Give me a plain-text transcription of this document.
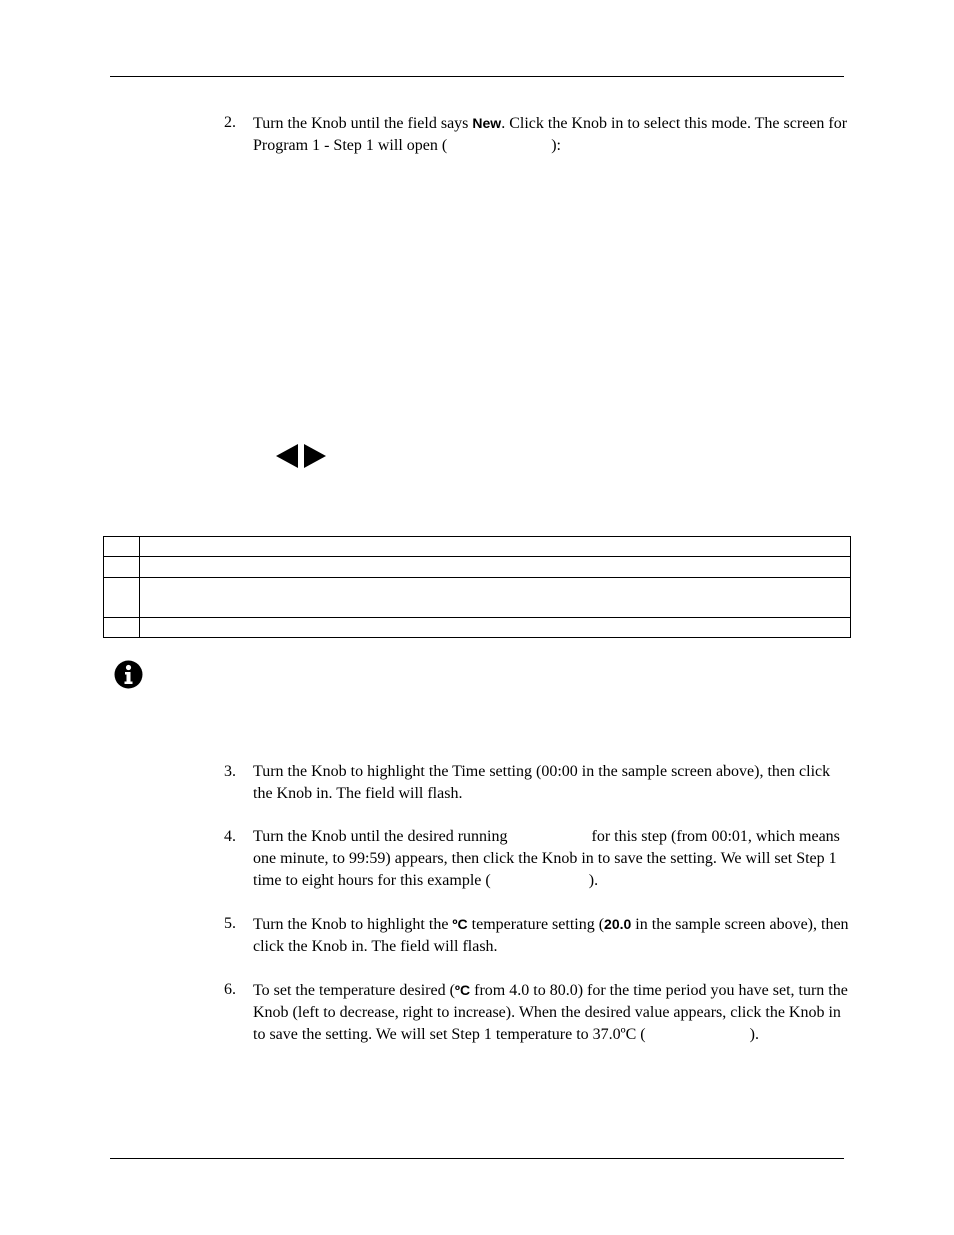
2. Turn the Knob until the field says New. Click the Knob in to select this mode. The screen for Program 1 - Step 1 will open (	):

3. Turn the Knob to highlight the Time setting (00:00 in the sample screen above), then click the Knob in. The field will flash.
4. Turn the Knob until the desired running	for this step (from 00:01, which means one minute, to 99:59) appears, then click the Knob in to save the setting. We will set Step 1 time to eight hours for this example (	).
5. Turn the Knob to highlight the ºC temperature setting (20.0 in the sample screen above), then click the Knob in. The field will flash.
6. To set the temperature desired (ºC from 4.0 to 80.0) for the time period you have set, turn the Knob (left to decrease, right to increase). When the desired value appears, click the Knob in to save the setting. We will set Step 1 temperature to 37.0ºC (	).
